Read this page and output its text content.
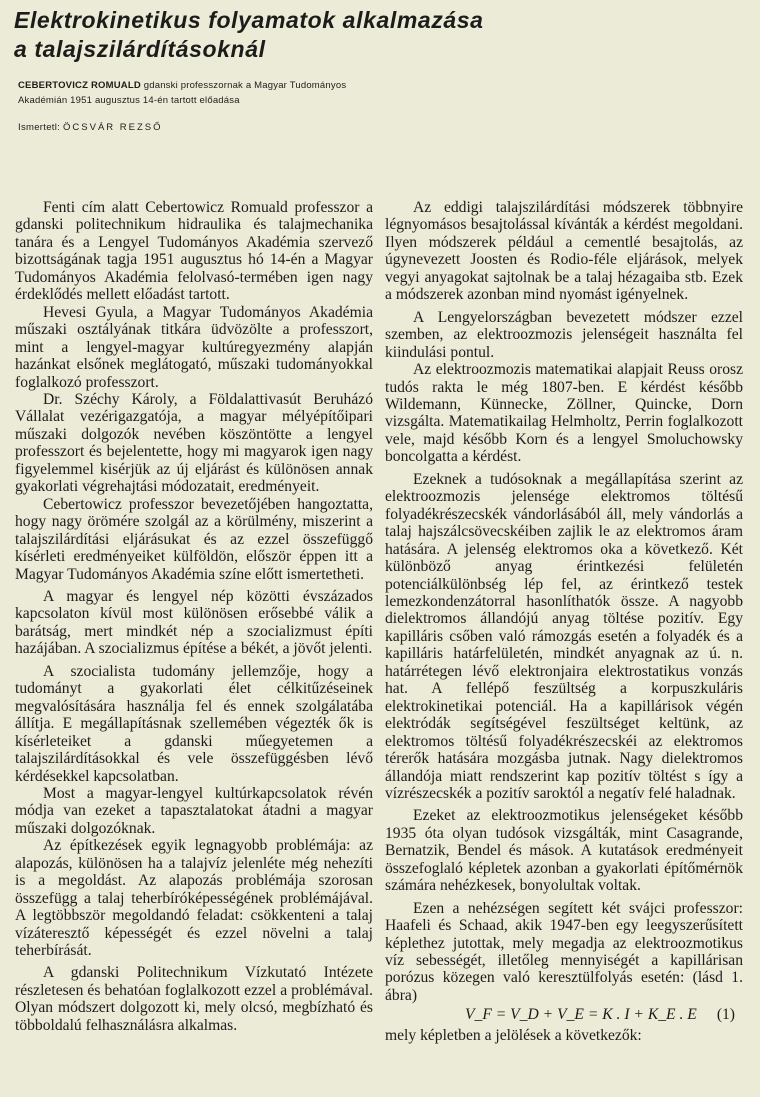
Elektrokinetikus folyamatok alkalmazása
a talajszilárdításoknál
CEBERTOVICZ ROMUALD gdanski professzornak a Magyar Tudományos
Akadémián 1951 augusztus 14-én tartott előadása
Ismertetl: ÖCSVÁR REZSŐ

Fenti cím alatt Cebertowicz Romuald professzor a gdanski politechnikum hidraulika és talajmechanika tanára és a Lengyel Tudományos Akadémia szervező bizottságának tagja 1951 augusztus hó 14-én a Magyar Tudományos Akadémia felolvasó-termében igen nagy érdeklődés mellett előadást tartott.

Hevesi Gyula, a Magyar Tudományos Akadémia műszaki osztályának titkára üdvözölte a professzort, mint a lengyel-magyar kultúregyezmény alapján hazánkat elsőnek meglátogató, műszaki tudományokkal foglalkozó professzort.

Dr. Széchy Károly, a Földalattivasút Beruházó Vállalat vezérigazgatója, a magyar mélyépítőipari műszaki dolgozók nevében köszöntötte a lengyel professzort és bejelentette, hogy mi magyarok igen nagy figyelemmel kisérjük az új eljárást és különösen annak gyakorlati végrehajtási módozatait, eredményeit.

Cebertowicz professzor bevezetőjében hangoztatta, hogy nagy örömére szolgál az a körülmény, miszerint a talajszilárdítási eljárásukat és az ezzel összefüggő kísérleti eredményeiket külföldön, először éppen itt a Magyar Tudományos Akadémia színe előtt ismertetheti.

A magyar és lengyel nép közötti évszázados kapcsolaton kívül most különösen erősebbé válik a barátság, mert mindkét nép a szocializmust építi hazájában. A szocializmus építése a békét, a jövőt jelenti.

A szocialista tudomány jellemzője, hogy a tudományt a gyakorlati élet célkitűzéseinek megvalósítására használja fel és ennek szolgálatába állítja. E megállapításnak szellemében végezték ők is kísérleteiket a gdanski műegyetemen a talajszilárdításokkal és vele összefüggésben lévő kérdésekkel kapcsolatban.

Most a magyar-lengyel kultúrkapcsolatok révén módja van ezeket a tapasztalatokat átadni a magyar műszaki dolgozóknak.

Az építkezések egyik legnagyobb problémája: az alapozás, különösen ha a talajvíz jelenléte még nehezíti is a megoldást. Az alapozás problémája szorosan összefügg a talaj teherbíróképességének problémájával. A legtöbbször megoldandó feladat: csökkenteni a talaj vízáteresztő képességét és ezzel növelni a talaj teherbírását.

A gdanski Politechnikum Vízkutató Intézete részletesen és behatóan foglalkozott ezzel a problémával. Olyan módszert dolgozott ki, mely olcsó, megbízható és többoldalú felhasználásra alkalmas.

Az eddigi talajszilárdítási módszerek többnyire légnyomásos besajtolással kívánták a kérdést megoldani. Ilyen módszerek például a cementlé besajtolás, az úgynevezett Joosten és Rodio-féle eljárások, melyek vegyi anyagokat sajtolnak be a talaj hézagaiba stb. Ezek a módszerek azonban mind nyomást igényelnek.

A Lengyelországban bevezetett módszer ezzel szemben, az elektroozmozis jelenségeit használta fel kiindulási pontul.

Az elektroozmozis matematikai alapjait Reuss orosz tudós rakta le még 1807-ben. E kérdést később Wildemann, Künnecke, Zöllner, Quincke, Dorn vizsgálta. Matematikailag Helmholtz, Perrin foglalkozott vele, majd később Korn és a lengyel Smoluchowsky boncolgatta a kérdést.

Ezeknek a tudósoknak a megállapítása szerint az elektroozmozis jelensége elektromos töltésű folyadékrészecskék vándorlásából áll, mely vándorlás a talaj hajszálcsövecskéiben zajlik le az elektromos áram hatására. A jelenség elektromos oka a következő. Két különböző anyag érintkezési felületén potenciálkülönbség lép fel, az érintkező testek lemezkondenzátorral hasonlíthatók össze. A nagyobb dielektromos állandójú anyag töltése pozitív. Egy kapilláris csőben való rámozgás esetén a folyadék és a kapilláris határfelületén, mindkét anyagnak az ú. n. határrétegen lévő elektronjaira elektrostatikus vonzás hat. A fellépő feszültség a korpuszkuláris elektrokinetikai potenciál. Ha a kapillárisok végén elektródák segítségével feszültséget keltünk, az elektromos töltésű folyadékrészecskéi az elektromos térerők hatására mozgásba jutnak. Nagy dielektromos állandója miatt rendszerint kap pozitív töltést s így a vízrészecskék a pozitív saroktól a negatív felé haladnak.

Ezeket az elektroozmotikus jelenségeket később 1935 óta olyan tudósok vizsgálták, mint Casagrande, Bernatzik, Bendel és mások. A kutatások eredményeit összefoglaló képletek azonban a gyakorlati építőmérnök számára nehézkesek, bonyolultak voltak.

Ezen a nehézségen segített két svájci professzor: Haafeli és Schaad, akik 1947-ben egy leegyszerűsített képlethez jutottak, mely megadja az elektroozmotikus víz sebességét, illetőleg mennyiségét a kapillárisan porózus közegen való keresztülfolyás esetén: (lásd 1. ábra)

V_F = V_D + V_E = K . I + K_E . E (1)

mely képletben a jelölések a következők:
